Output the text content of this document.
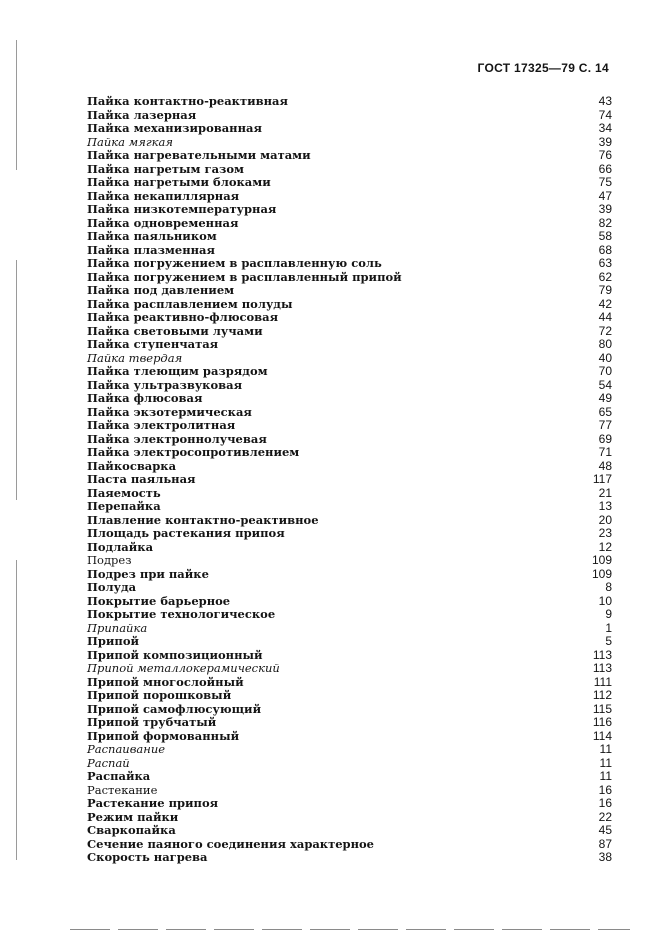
ГОСТ 17325—79 С. 14
Пайка контактно-реактивная	43
Пайка лазерная	74
Пайка механизированная	34
Пайка мягкая	39
Пайка нагревательными матами	76
Пайка нагретым газом	66
Пайка нагретыми блоками	75
Пайка некапиллярная	47
Пайка низкотемпературная	39
Пайка одновременная	82
Пайка паяльником	58
Пайка плазменная	68
Пайка погружением в расплавленную соль	63
Пайка погружением в расплавленный припой	62
Пайка под давлением	79
Пайка расплавлением полуды	42
Пайка реактивно-флюсовая	44
Пайка световыми лучами	72
Пайка ступенчатая	80
Пайка твердая	40
Пайка тлеющим разрядом	70
Пайка ультразвуковая	54
Пайка флюсовая	49
Пайка экзотермическая	65
Пайка электролитная	77
Пайка электроннолучевая	69
Пайка электросопротивлением	71
Пайкосварка	48
Паста паяльная	117
Паяемость	21
Перепайка	13
Плавление контактно-реактивное	20
Площадь растекания припоя	23
Подлайка	12
Подрез	109
Подрез при пайке	109
Полуда	8
Покрытие барьерное	10
Покрытие технологическое	9
Припайка	1
Припой	5
Припой композиционный	113
Припой металлокерамический	113
Припой многослойный	111
Припой порошковый	112
Припой самофлюсующий	115
Припой трубчатый	116
Припой формованный	114
Распаивание	11
Распай	11
Распайка	11
Растекание	16
Растекание припоя	16
Режим пайки	22
Сваркопайка	45
Сечение паяного соединения характерное	87
Скорость нагрева	38
